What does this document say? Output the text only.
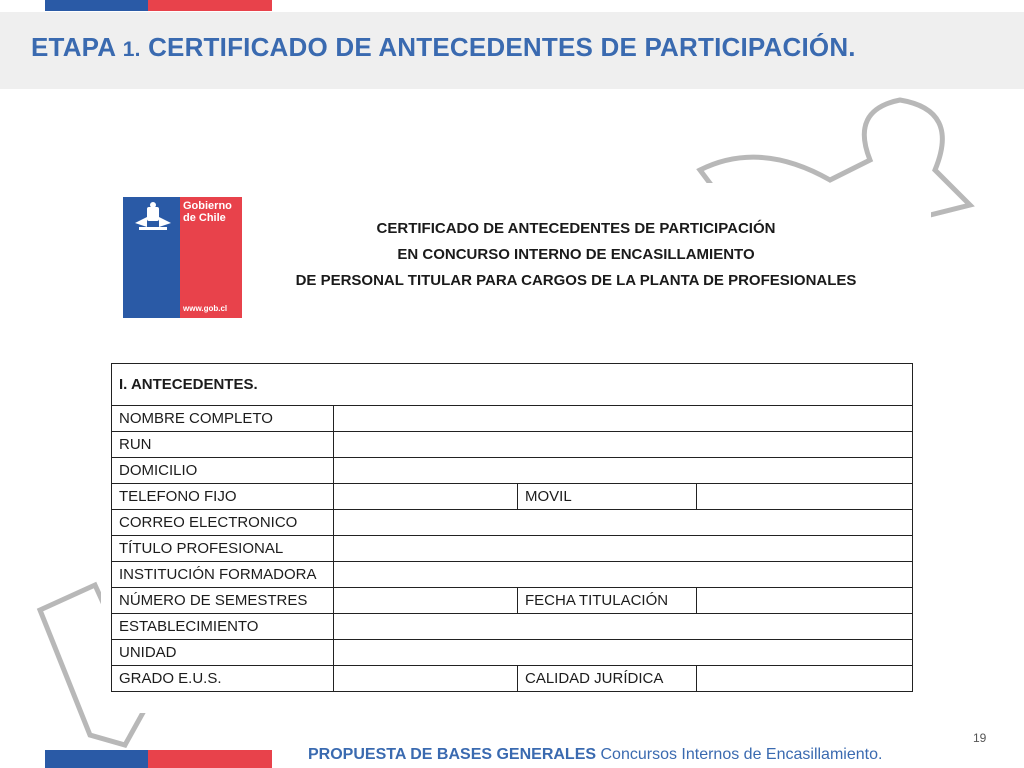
ETAPA 1. CERTIFICADO DE ANTECEDENTES DE PARTICIPACIÓN.
Gobierno
de Chile
www.gob.cl
CERTIFICADO DE ANTECEDENTES DE PARTICIPACIÓN
EN CONCURSO INTERNO DE ENCASILLAMIENTO
DE PERSONAL TITULAR PARA CARGOS DE LA PLANTA DE PROFESIONALES
I. ANTECEDENTES.			
NOMBRE COMPLETO			
RUN			
DOMICILIO			
TELEFONO FIJO		MOVIL	
CORREO ELECTRONICO			
TÍTULO PROFESIONAL			
INSTITUCIÓN FORMADORA			
NÚMERO DE SEMESTRES		FECHA TITULACIÓN	
ESTABLECIMIENTO			
UNIDAD			
GRADO E.U.S.		CALIDAD JURÍDICA	
19
PROPUESTA DE BASES GENERALES Concursos Internos de Encasillamiento.
